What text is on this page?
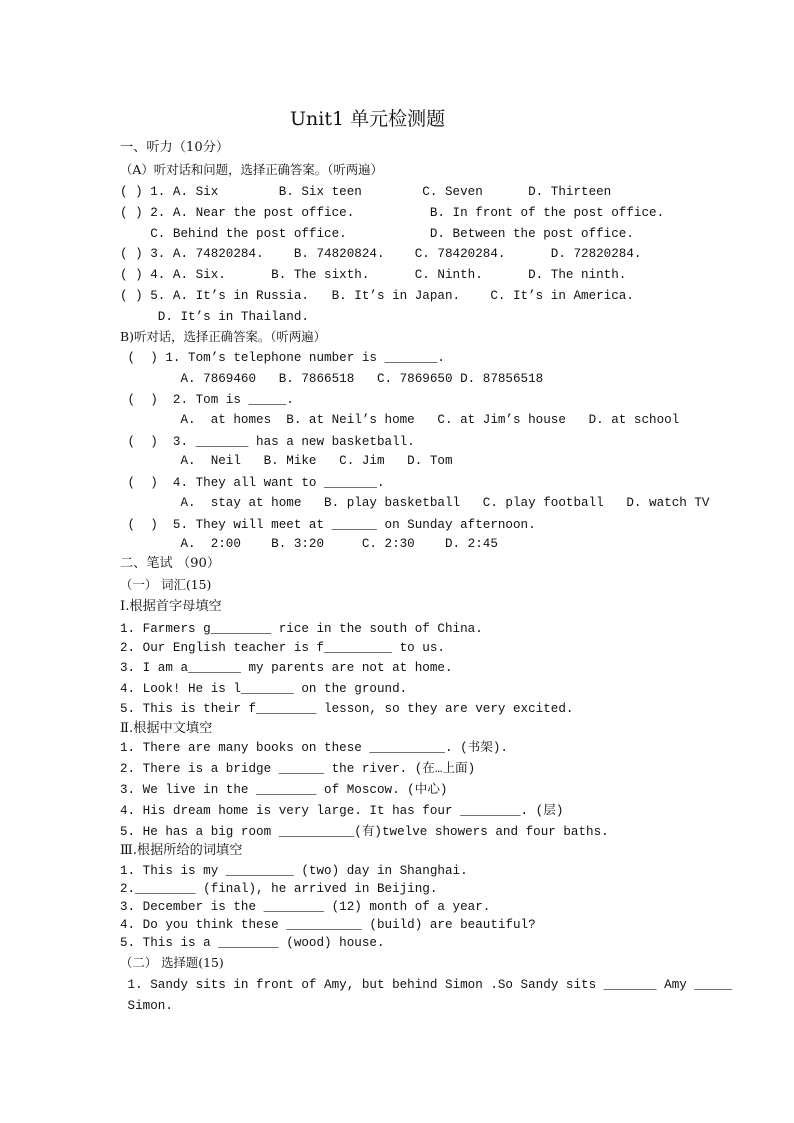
Unit1 单元检测题
一、听力（10分）
（A）听对话和问题，选择正确答案。（听两遍）
( ) 1. A. Six        B. Six teen        C. Seven      D. Thirteen
( ) 2. A. Near the post office.          B. In front of the post office.
C. Behind the post office.           D. Between the post office.
( ) 3. A. 74820284.    B. 74820824.    C. 78420284.      D. 72820284.
( ) 4. A. Six.      B. The sixth.      C. Ninth.      D. The ninth.
( ) 5. A. It’s in Russia.   B. It’s in Japan.    C. It’s in America.
D. It’s in Thailand.
B)听对话，选择正确答案。（听两遍）
(  ) 1. Tom’s telephone number is _______.
A. 7869460   B. 7866518   C. 7869650 D. 87856518
(  )  2. Tom is _____.
A.  at homes  B. at Neil’s home   C. at Jim’s house   D. at school
(  )  3. _______ has a new basketball.
A.  Neil   B. Mike   C. Jim   D. Tom
(  )  4. They all want to _______.
A.  stay at home   B. play basketball   C. play football   D. watch TV
(  )  5. They will meet at ______ on Sunday afternoon.
A.  2:00    B. 3:20     C. 2:30    D. 2:45
二、笔试 （90）
（一） 词汇(15)
Ⅰ.根据首字母填空
1. Farmers g________ rice in the south of China.
2. Our English teacher is f_________ to us.
3. I am a_______ my parents are not at home.
4. Look! He is l_______ on the ground.
5. This is their f________ lesson, so they are very excited.
Ⅱ.根据中文填空
1. There are many books on these __________. (书架).
2. There is a bridge ______ the river. (在…上面)
3. We live in the ________ of Moscow. (中心)
4. His dream home is very large. It has four ________. (层)
5. He has a big room __________(有)twelve showers and four baths.
Ⅲ.根据所给的词填空
1. This is my _________ (two) day in Shanghai.
2.________ (final), he arrived in Beijing.
3. December is the ________ (12) month of a year.
4. Do you think these __________ (build) are beautiful?
5. This is a ________ (wood) house.
（二） 选择题(15)
1. Sandy sits in front of Amy, but behind Simon .So Sandy sits _______ Amy _____
Simon.
